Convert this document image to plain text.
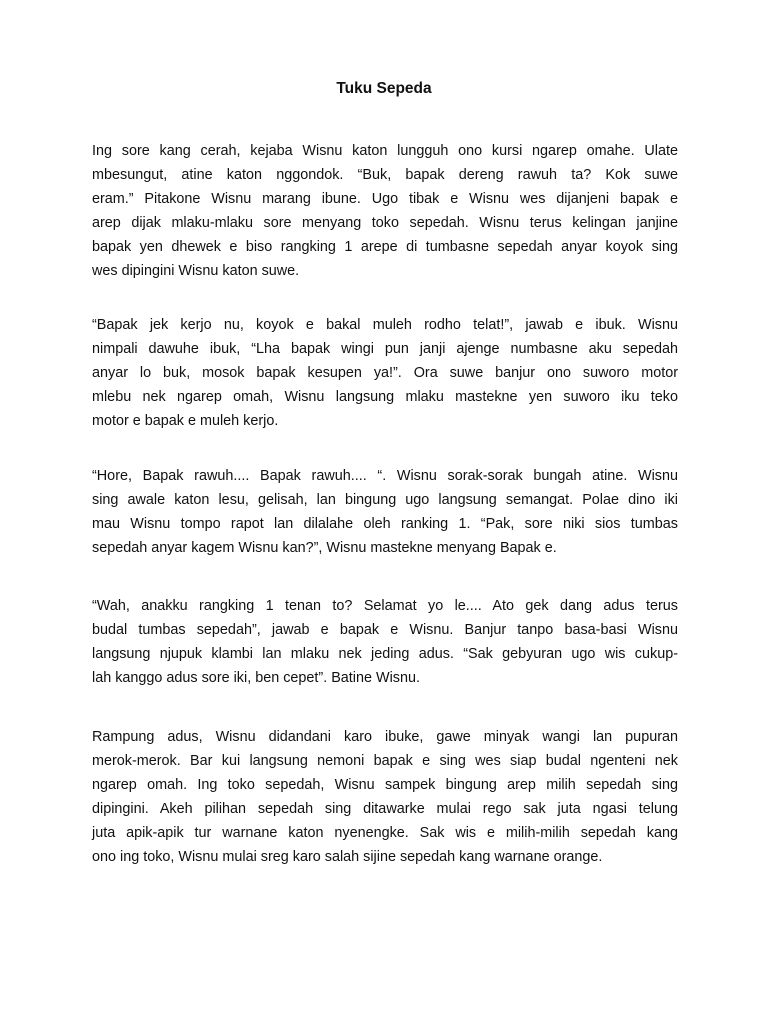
Tuku Sepeda

Ing sore kang cerah, kejaba Wisnu katon lungguh ono kursi ngarep omahe. Ulate
mbesungut, atine katon nggondok. “Buk, bapak dereng rawuh ta? Kok suwe
eram.” Pitakone Wisnu marang ibune. Ugo tibak e Wisnu wes dijanjeni bapak e
arep dijak mlaku-mlaku sore menyang toko sepedah. Wisnu terus kelingan janjine
bapak yen dhewek e biso rangking 1 arepe di tumbasne sepedah anyar koyok sing
wes dipingini Wisnu katon suwe.

“Bapak jek kerjo nu, koyok e bakal muleh rodho telat!”, jawab e ibuk. Wisnu
nimpali dawuhe ibuk, “Lha bapak wingi pun janji ajenge numbasne aku sepedah
anyar lo buk, mosok bapak kesupen ya!”. Ora suwe banjur ono suworo motor
mlebu nek ngarep omah, Wisnu langsung mlaku mastekne yen suworo iku teko
motor e bapak e muleh kerjo.

“Hore, Bapak rawuh.... Bapak rawuh.... “. Wisnu sorak-sorak bungah atine. Wisnu
sing awale katon lesu, gelisah, lan bingung ugo langsung semangat. Polae dino iki
mau Wisnu tompo rapot lan dilalahe oleh ranking 1. “Pak, sore niki sios tumbas
sepedah anyar kagem Wisnu kan?”, Wisnu mastekne menyang Bapak e.

“Wah, anakku rangking 1 tenan to? Selamat yo le.... Ato gek dang adus terus
budal tumbas sepedah”, jawab e bapak e Wisnu. Banjur tanpo basa-basi Wisnu
langsung njupuk klambi lan mlaku nek jeding adus. “Sak gebyuran ugo wis cukup-
lah kanggo adus sore iki, ben cepet”. Batine Wisnu.

Rampung adus, Wisnu didandani karo ibuke, gawe minyak wangi lan pupuran
merok-merok. Bar kui langsung nemoni bapak e sing wes siap budal ngenteni nek
ngarep omah. Ing toko sepedah, Wisnu sampek bingung arep milih sepedah sing
dipingini. Akeh pilihan sepedah sing ditawarke mulai rego sak juta ngasi telung
juta apik-apik tur warnane katon nyenengke. Sak wis e milih-milih sepedah kang
ono ing toko, Wisnu mulai sreg karo salah sijine sepedah kang warnane orange.
